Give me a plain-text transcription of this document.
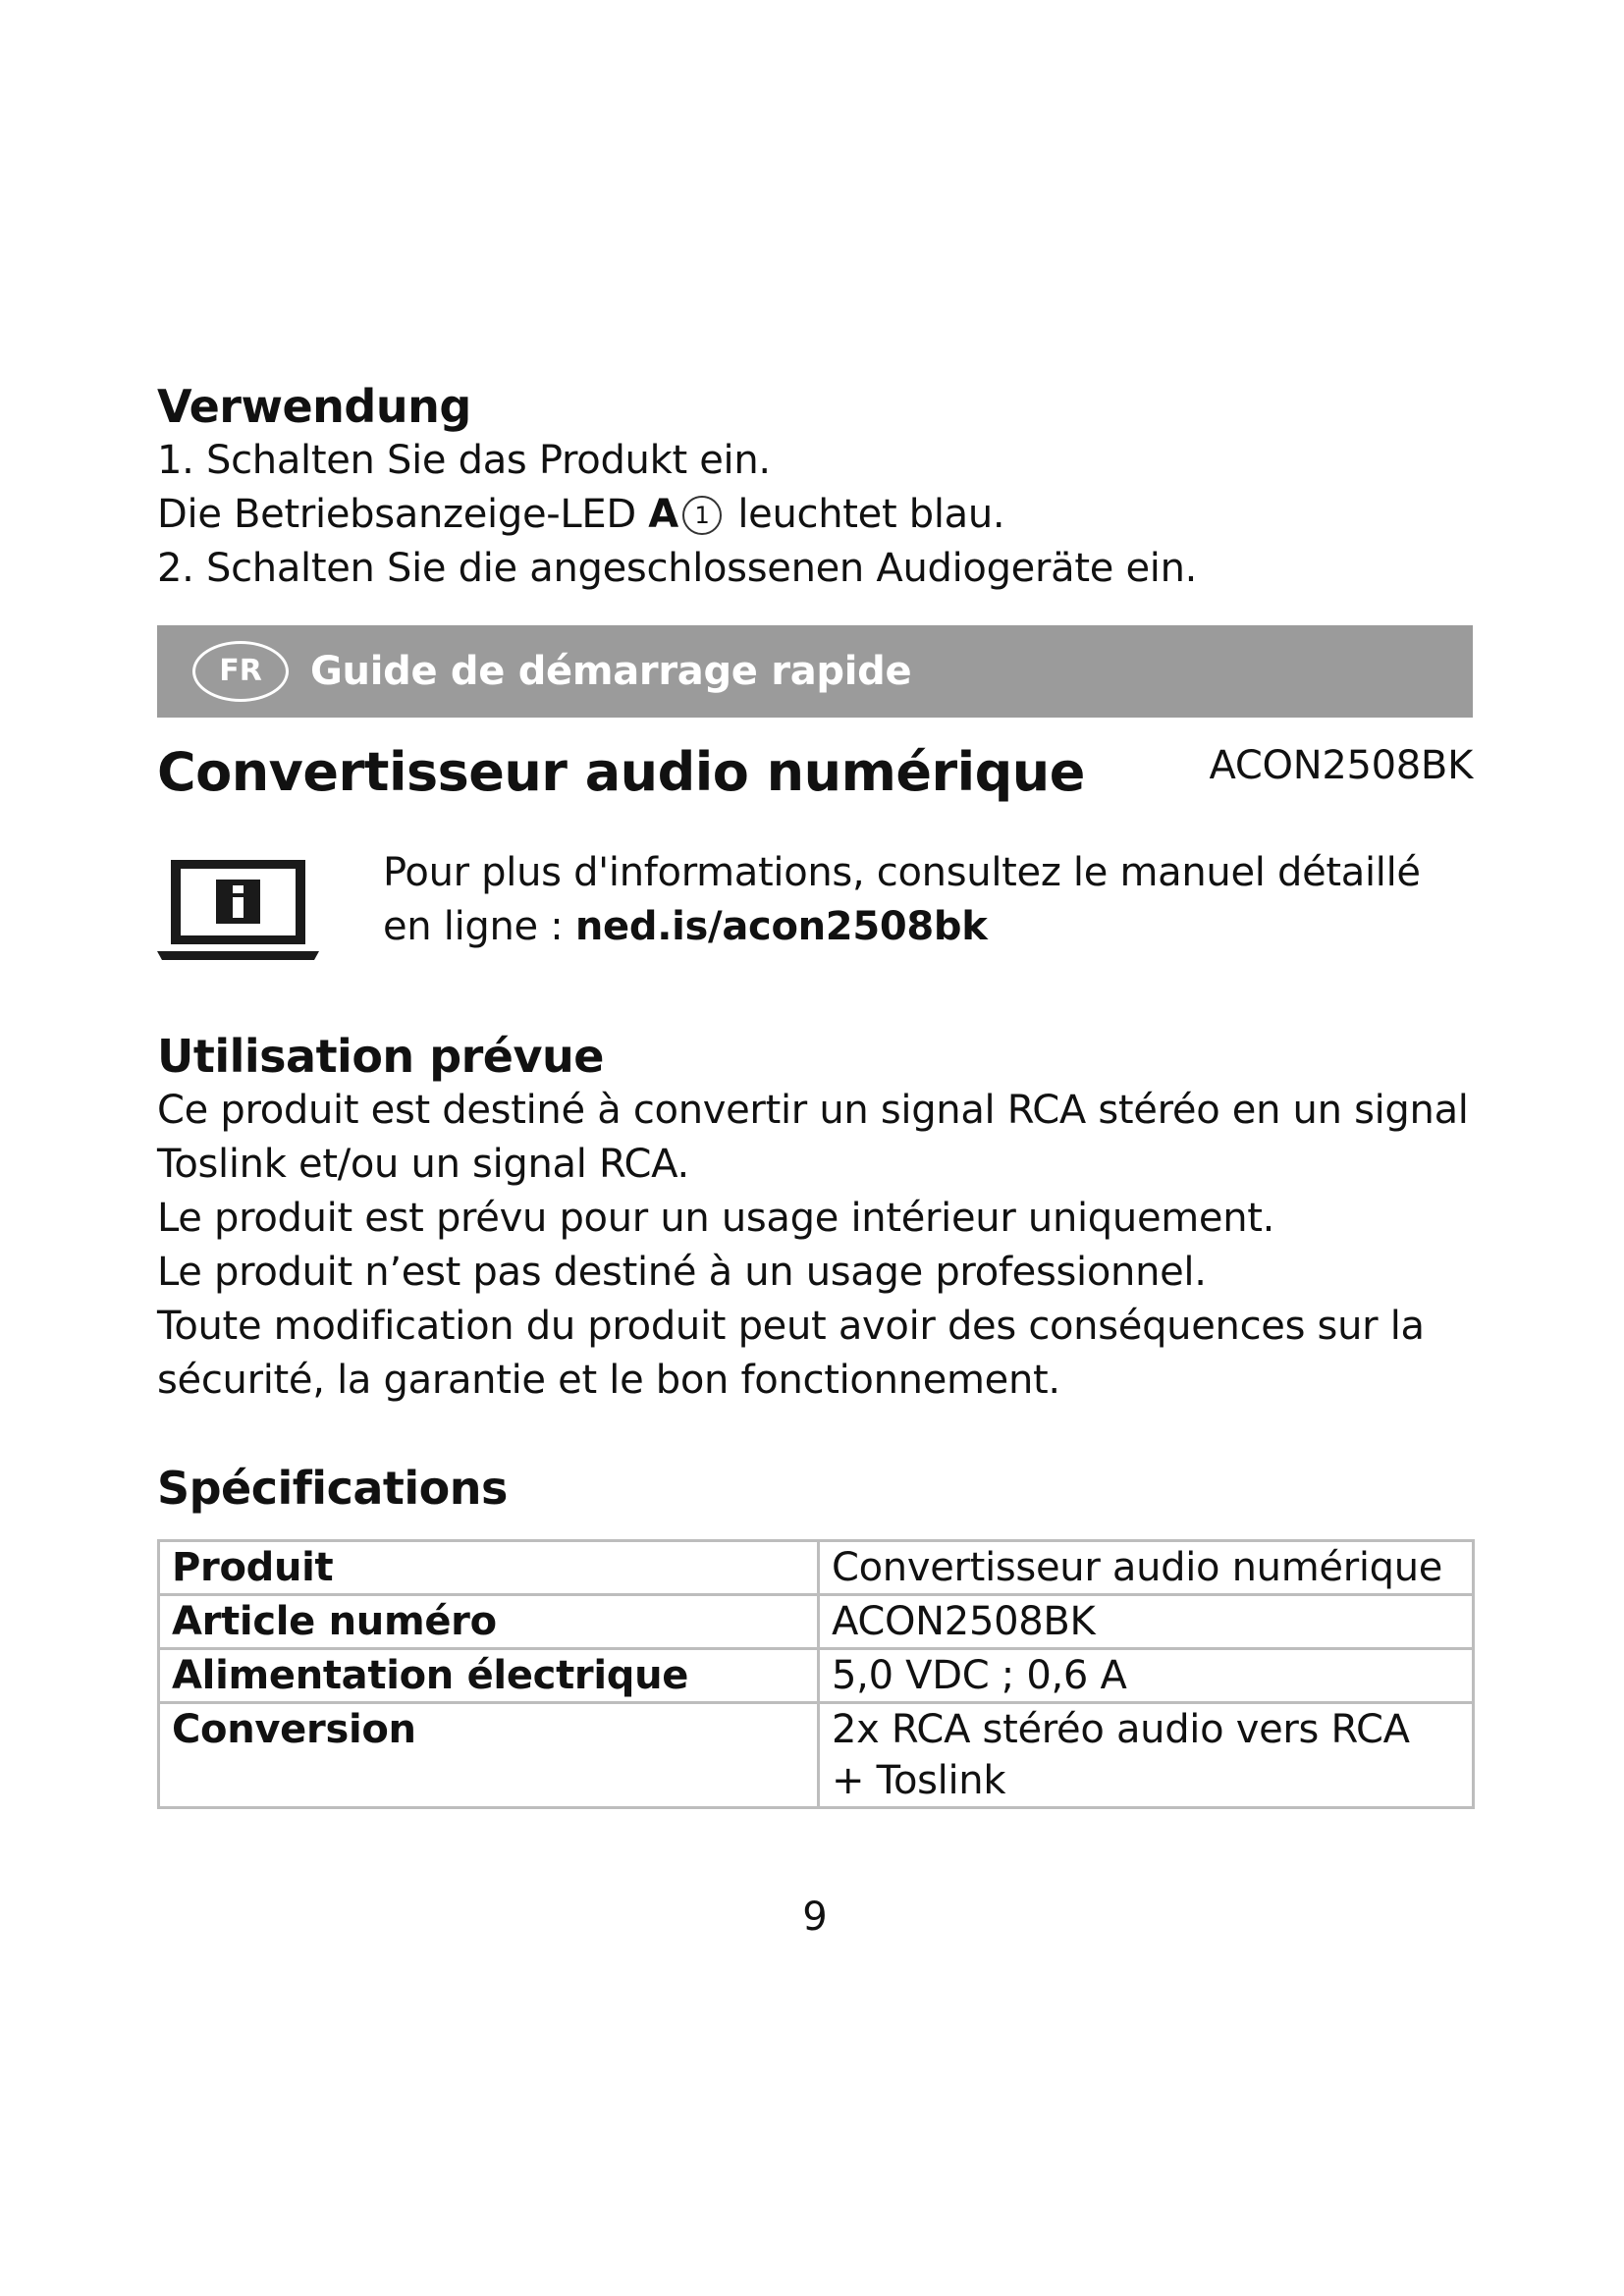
Verwendung

1. Schalten Sie das Produkt ein.

Die Betriebsanzeige-LED A 1 leuchtet blau.

2. Schalten Sie die angeschlossenen Audiogeräte ein.

FR	Guide de démarrage rapide
Convertisseur audio numérique	ACON2508BK

Pour plus d'informations, consultez le manuel détaillé en ligne : ned.is/acon2508bk

Utilisation prévue

Ce produit est destiné à convertir un signal RCA stéréo en un signal

Toslink et/ou un signal RCA.

Le produit est prévu pour un usage intérieur uniquement.

Le produit n’est pas destiné à un usage professionnel.

Toute modification du produit peut avoir des conséquences sur la

sécurité, la garantie et le bon fonctionnement.

Spécifications

Produit	Convertisseur audio numérique
Article numéro	ACON2508BK
Alimentation électrique	5,0 VDC ; 0,6 A
Conversion	2x RCA stéréo audio vers RCA
+ Toslink
9
